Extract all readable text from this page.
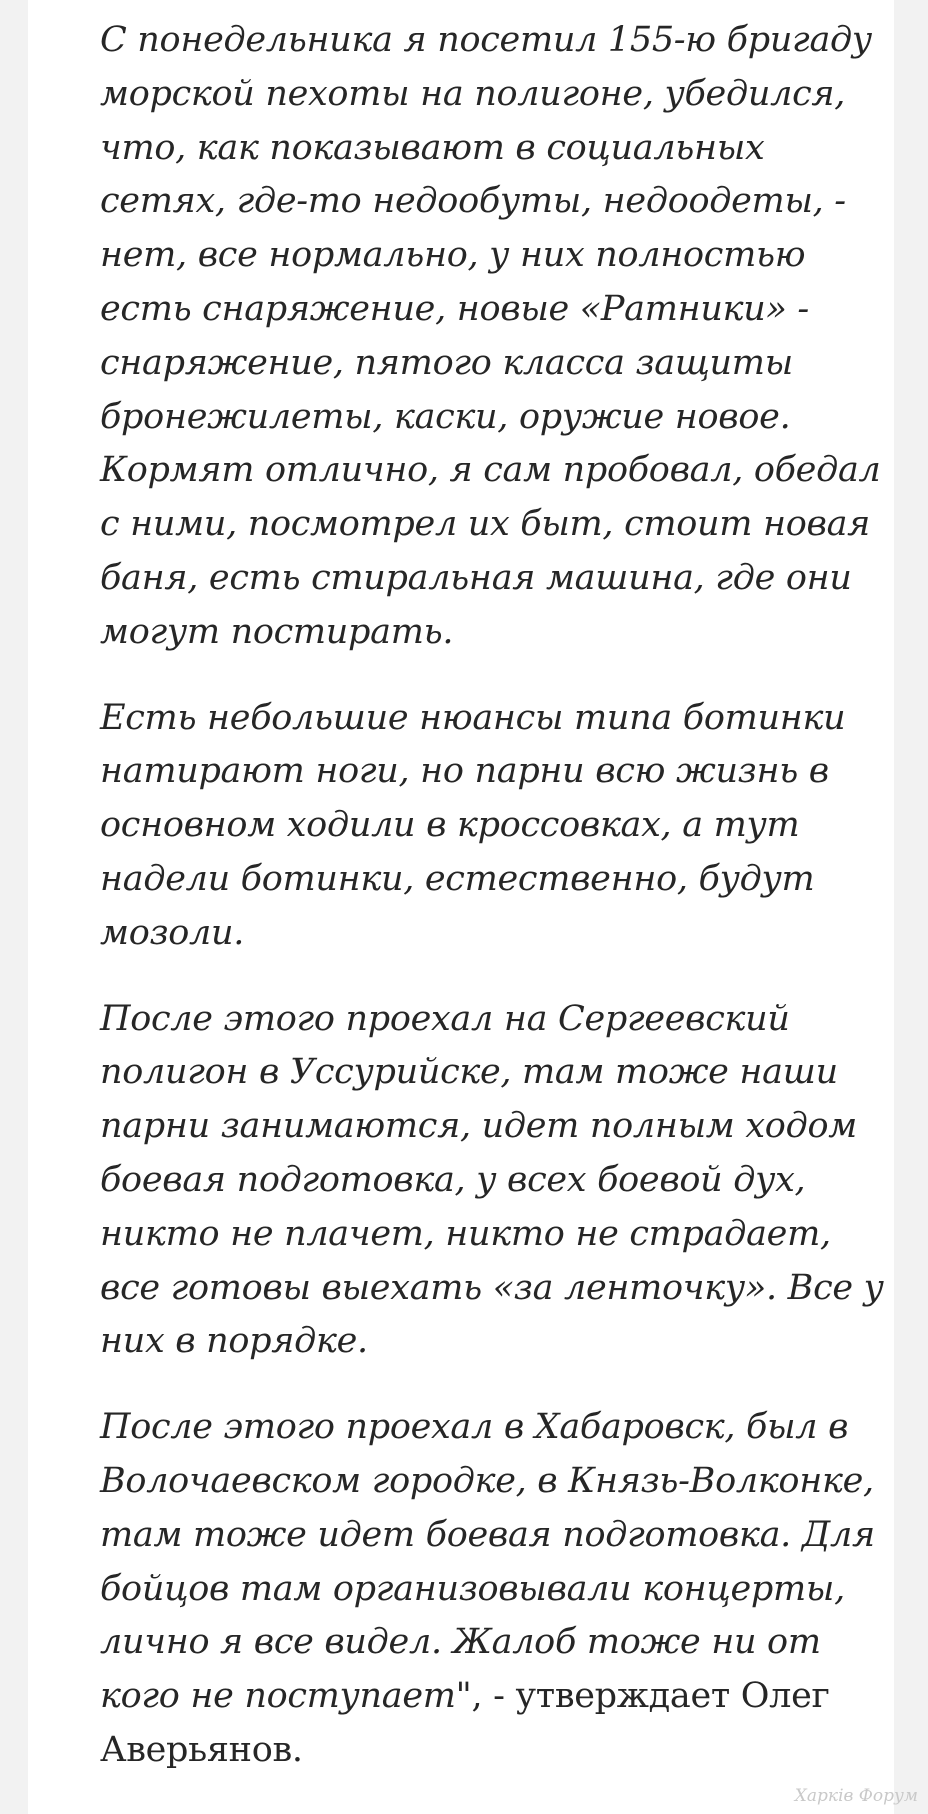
С понедельника я посетил 155-ю бригаду морской пехоты на полигоне, убедился, что, как показывают в социальных сетях, где-то недообуты, недоодеты, - нет, все нормально, у них полностью есть снаряжение, новые «Ратники» - снаряжение, пятого класса защиты бронежилеты, каски, оружие новое. Кормят отлично, я сам пробовал, обедал с ними, посмотрел их быт, стоит новая баня, есть стиральная машина, где они могут постирать.

Есть небольшие нюансы типа ботинки натирают ноги, но парни всю жизнь в основном ходили в кроссовках, а тут надели ботинки, естественно, будут мозоли.

После этого проехал на Сергеевский полигон в Уссурийске, там тоже наши парни занимаются, идет полным ходом боевая подготовка, у всех боевой дух, никто не плачет, никто не страдает, все готовы выехать «за ленточку». Все у них в порядке.

После этого проехал в Хабаровск, был в Волочаевском городке, в Князь-Волконке, там тоже идет боевая подготовка. Для бойцов там организовывали концерты, лично я все видел. Жалоб тоже ни от кого не поступает", - утверждает Олег Аверьянов.

Харків Форум
